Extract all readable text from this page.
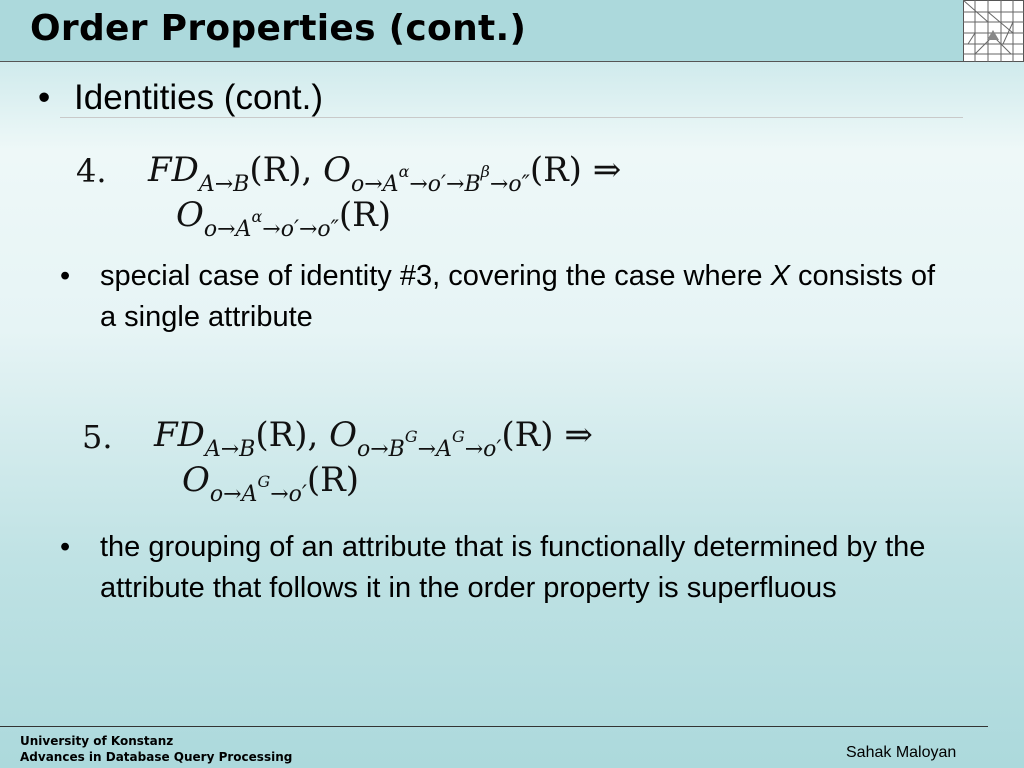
Order Properties (cont.)
• Identities (cont.)
4. $FD_{A\to B}(R)$, $O_{o\to A^\alpha\to o'\to B^\beta\to o''}(R)$ ⇒
$O_{o\to A^\alpha\to o'\to o''}(R)$
• special case of identity #3, covering the case where X consists of a single attribute
5. $FD_{A\to B}(R)$, $O_{o\to B^G\to A^G\to o'}(R)$ ⇒
$O_{o\to A^G\to o'}(R)$
• the grouping of an attribute that is functionally determined by the attribute that follows it in the order property is superfluous
University of Konstanz
Advances in Database Query Processing	Sahak Maloyan
